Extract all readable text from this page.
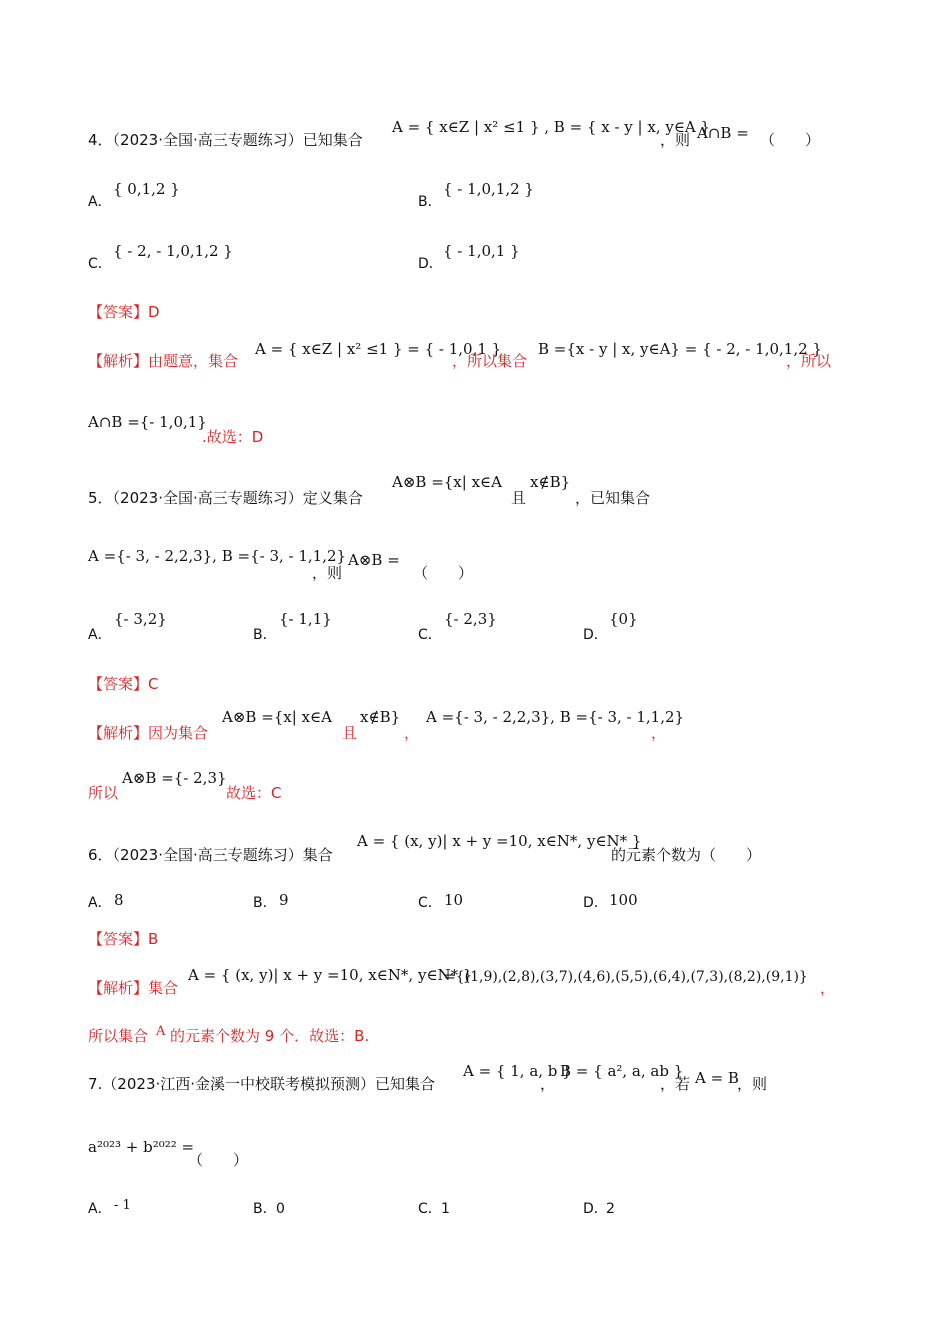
4．（2023·全国·高三专题练习）已知集合
A = { x∈Z | x² ≤1 } , B = { x - y | x, y∈A }
，则 A∩B = （　　）
A．
{ 0,1,2 }
B．
{ - 1,0,1,2 }
C．
{ - 2, - 1,0,1,2 }
D．
{ - 1,0,1 }
【答案】D
【解析】由题意，集合
A = { x∈Z | x² ≤1 } = { - 1,0,1 }
，所以集合
B ={x - y | x, y∈A} = { - 2, - 1,0,1,2 }
，所以
A∩B ={- 1,0,1}
.故选：D
5．（2023·全国·高三专题练习）定义集合
A⊗B ={x| x∈A
且
x∉B}
，已知集合
A ={- 3, - 2,2,3}, B ={- 3, - 1,1,2}
，则
A⊗B =
（　　）
A．
{- 3,2}
B．
{- 1,1}
C．
{- 2,3}
D．
{0}
【答案】C
【解析】因为集合
A⊗B ={x| x∈A
且
x∉B}
，
A ={- 3, - 2,2,3}, B ={- 3, - 1,1,2}
，
所以
A⊗B ={- 2,3}
故选：C
6．（2023·全国·高三专题练习）集合
A = { (x, y)| x + y =10, x∈N*, y∈N* }
的元素个数为（　　）
A． 8	B． 9	C． 10	D． 100
【答案】B
【解析】集合
A = { (x, y)| x + y =10, x∈N*, y∈N* }
={(1,9),(2,8),(3,7),(4,6),(5,5),(6,4),(7,3),(8,2),(9,1)}
，
所以集合 A 的元素个数为 9 个．故选：B.
7.（2023·江西·金溪一中校联考模拟预测）已知集合
A = { 1, a, b }
，
B = { a², a, ab }
，若 A = B
，则
a²⁰²³ + b²⁰²² =
（　　）
A． - 1	B． 0	C． 1	D．
2
